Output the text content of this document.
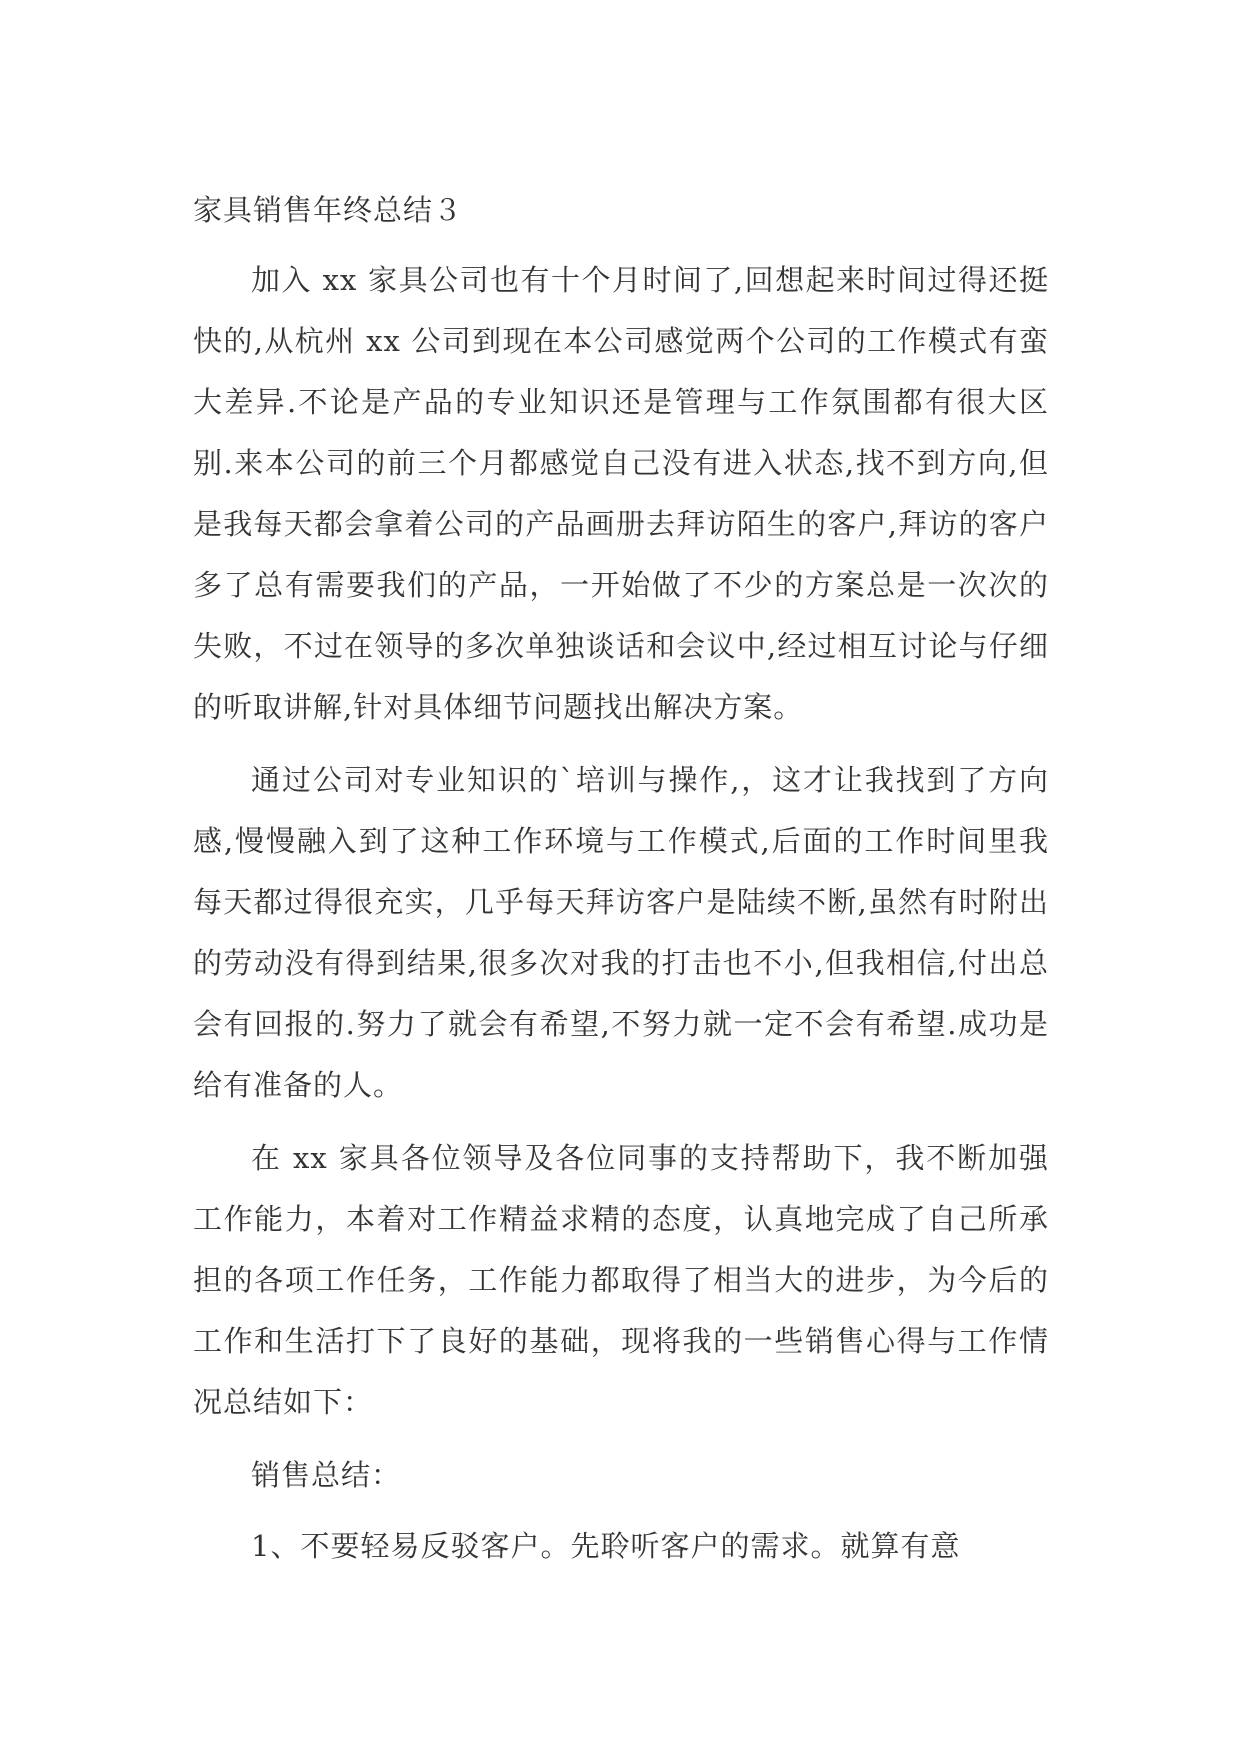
家具销售年终总结３

加入 xx 家具公司也有十个月时间了,回想起来时间过得还挺快的,从杭州 xx 公司到现在本公司感觉两个公司的工作模式有蛮大差异.不论是产品的专业知识还是管理与工作氛围都有很大区别.来本公司的前三个月都感觉自己没有进入状态,找不到方向,但是我每天都会拿着公司的产品画册去拜访陌生的客户,拜访的客户多了总有需要我们的产品，一开始做了不少的方案总是一次次的失败，不过在领导的多次单独谈话和会议中,经过相互讨论与仔细的听取讲解,针对具体细节问题找出解决方案。

通过公司对专业知识的`培训与操作,，这才让我找到了方向感,慢慢融入到了这种工作环境与工作模式,后面的工作时间里我每天都过得很充实，几乎每天拜访客户是陆续不断,虽然有时附出的劳动没有得到结果,很多次对我的打击也不小,但我相信,付出总会有回报的.努力了就会有希望,不努力就一定不会有希望.成功是给有准备的人。

在 xx 家具各位领导及各位同事的支持帮助下，我不断加强工作能力，本着对工作精益求精的态度，认真地完成了自己所承担的各项工作任务，工作能力都取得了相当大的进步，为今后的工作和生活打下了良好的基础，现将我的一些销售心得与工作情况总结如下：

销售总结：

1、不要轻易反驳客户。先聆听客户的需求。就算有意
